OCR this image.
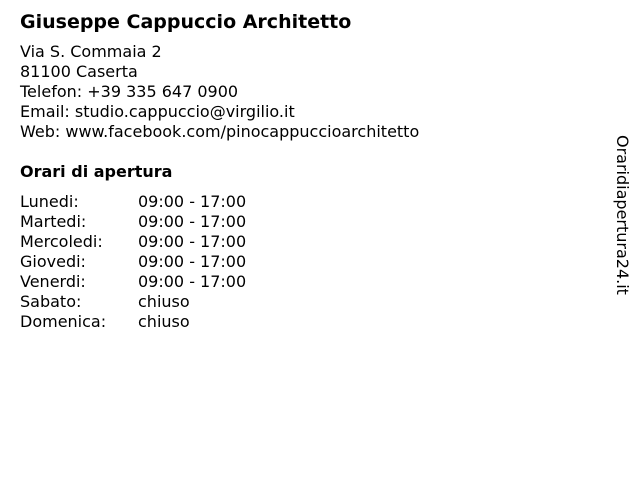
Giuseppe Cappuccio Architetto
Via S. Commaia 2
81100 Caserta
Telefon: +39 335 647 0900
Email: studio.cappuccio@virgilio.it
Web: www.facebook.com/pinocappuccioarchitetto
Orari di apertura
Lunedi:	09:00 - 17:00
Martedi:	09:00 - 17:00
Mercoledi:	09:00 - 17:00
Giovedi:	09:00 - 17:00
Venerdi:	09:00 - 17:00
Sabato:	chiuso
Domenica:	chiuso
Oraridiapertura24.it
